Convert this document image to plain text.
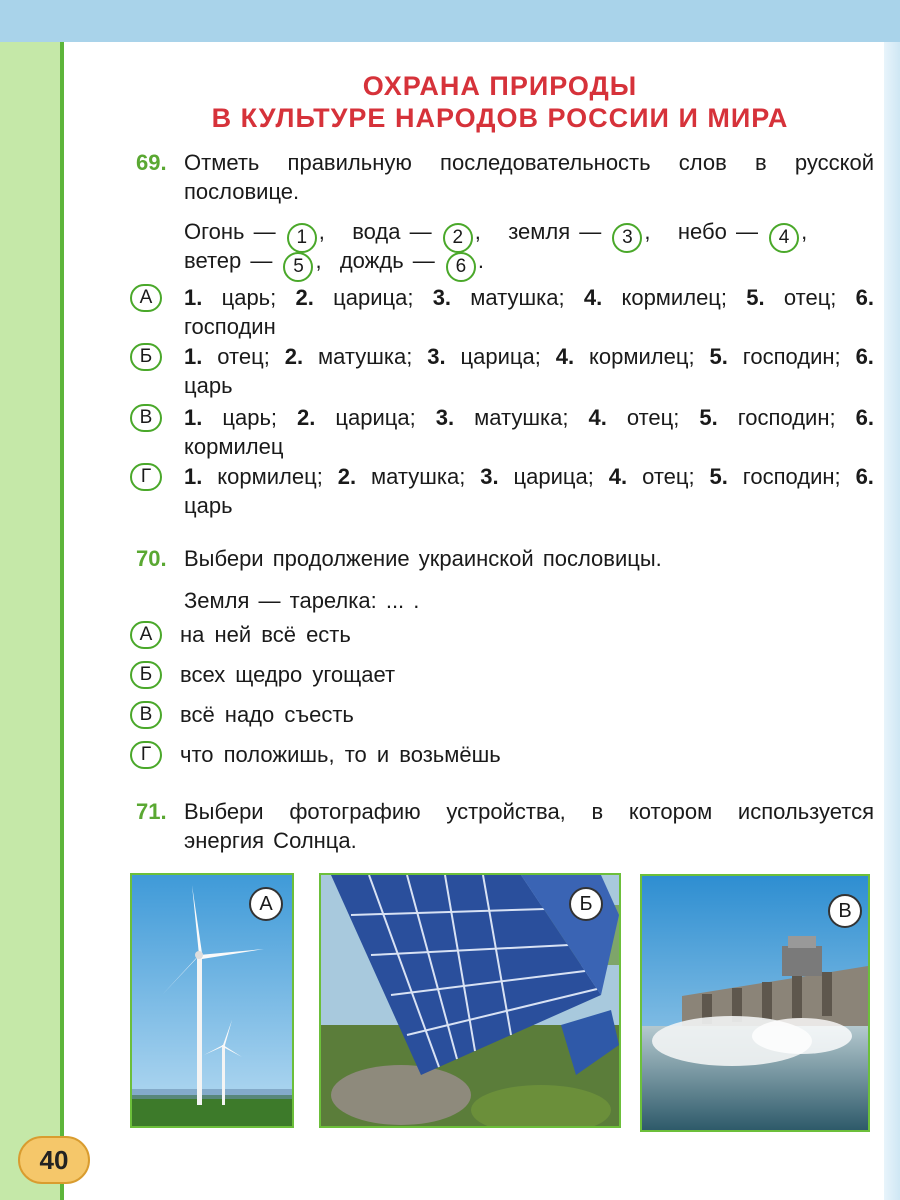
ОХРАНА ПРИРОДЫ
В КУЛЬТУРЕ НАРОДОВ РОССИИ И МИРА
69. Отметь правильную последовательность слов в русской пословице.
Огонь — 1 , вода — 2 , земля — 3 , небо — 4 ,
ветер — 5 , дождь — 6 .
А	1. царь; 2. царица; 3. матушка; 4. кормилец; 5. отец; 6. господин
Б	1. отец; 2. матушка; 3. царица; 4. кормилец; 5. господин; 6. царь
В	1. царь; 2. царица; 3. матушка; 4. отец; 5. господин; 6. кормилец
Г	1. кормилец; 2. матушка; 3. царица; 4. отец; 5. господин; 6. царь
70. Выбери продолжение украинской пословицы.
Земля — тарелка: ... .
А	на ней всё есть
Б	всех щедро угощает
В	всё надо съесть
Г	что положишь, то и возьмёшь
71. Выбери фотографию устройства, в котором используется энергия Солнца.
А	Б	В
40
